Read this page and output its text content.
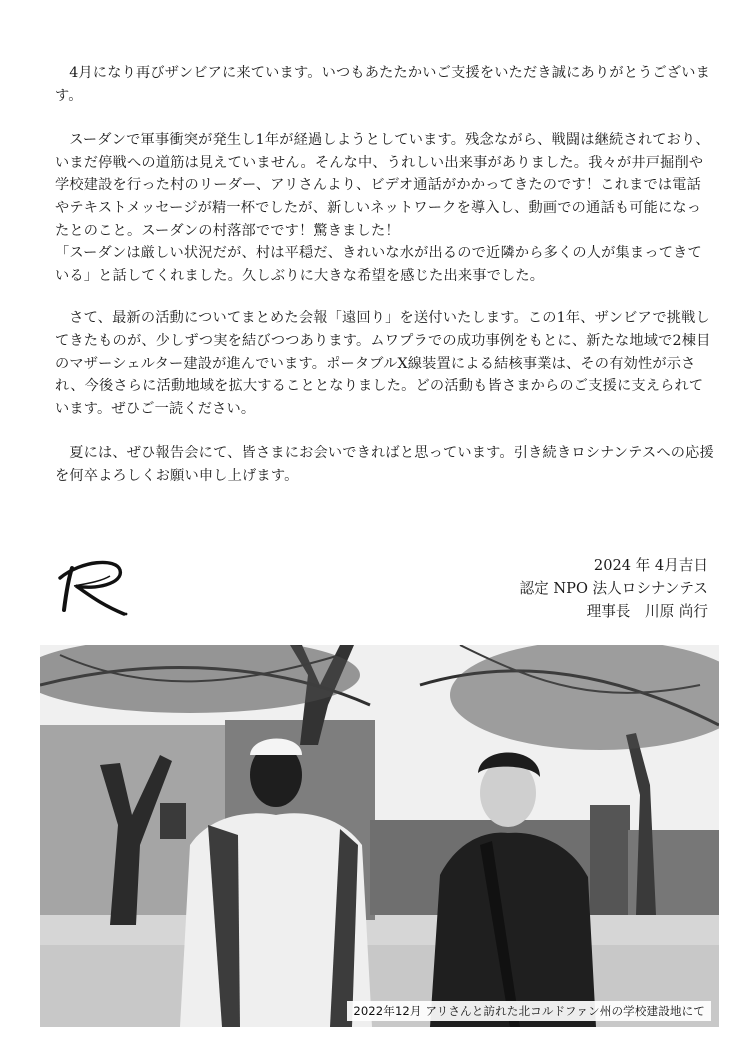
4月になり再びザンビアに来ています。いつもあたたかいご支援をいただき誠にありがとうございます。

スーダンで軍事衝突が発生し1年が経過しようとしています。残念ながら、戦闘は継続されており、いまだ停戦への道筋は見えていません。そんな中、うれしい出来事がありました。我々が井戸掘削や学校建設を行った村のリーダー、アリさんより、ビデオ通話がかかってきたのです！これまでは電話やテキストメッセージが精一杯でしたが、新しいネットワークを導入し、動画での通話も可能になったとのこと。スーダンの村落部でです！驚きました！
「スーダンは厳しい状況だが、村は平穏だ、きれいな水が出るので近隣から多くの人が集まってきている」と話してくれました。久しぶりに大きな希望を感じた出来事でした。

さて、最新の活動についてまとめた会報「遠回り」を送付いたします。この1年、ザンビアで挑戦してきたものが、少しずつ実を結びつつあります。ムワプラでの成功事例をもとに、新たな地域で2棟目のマザーシェルター建設が進んでいます。ポータブルX線装置による結核事業は、その有効性が示され、今後さらに活動地域を拡大することとなりました。どの活動も皆さまからのご支援に支えられています。ぜひご一読ください。

夏には、ぜひ報告会にて、皆さまにお会いできればと思っています。引き続きロシナンテスへの応援を何卒よろしくお願い申し上げます。

2024 年 4月吉日
認定 NPO 法人ロシナンテス
理事長　川原 尚行
2022年12月 アリさんと訪れた北コルドファン州の学校建設地にて
